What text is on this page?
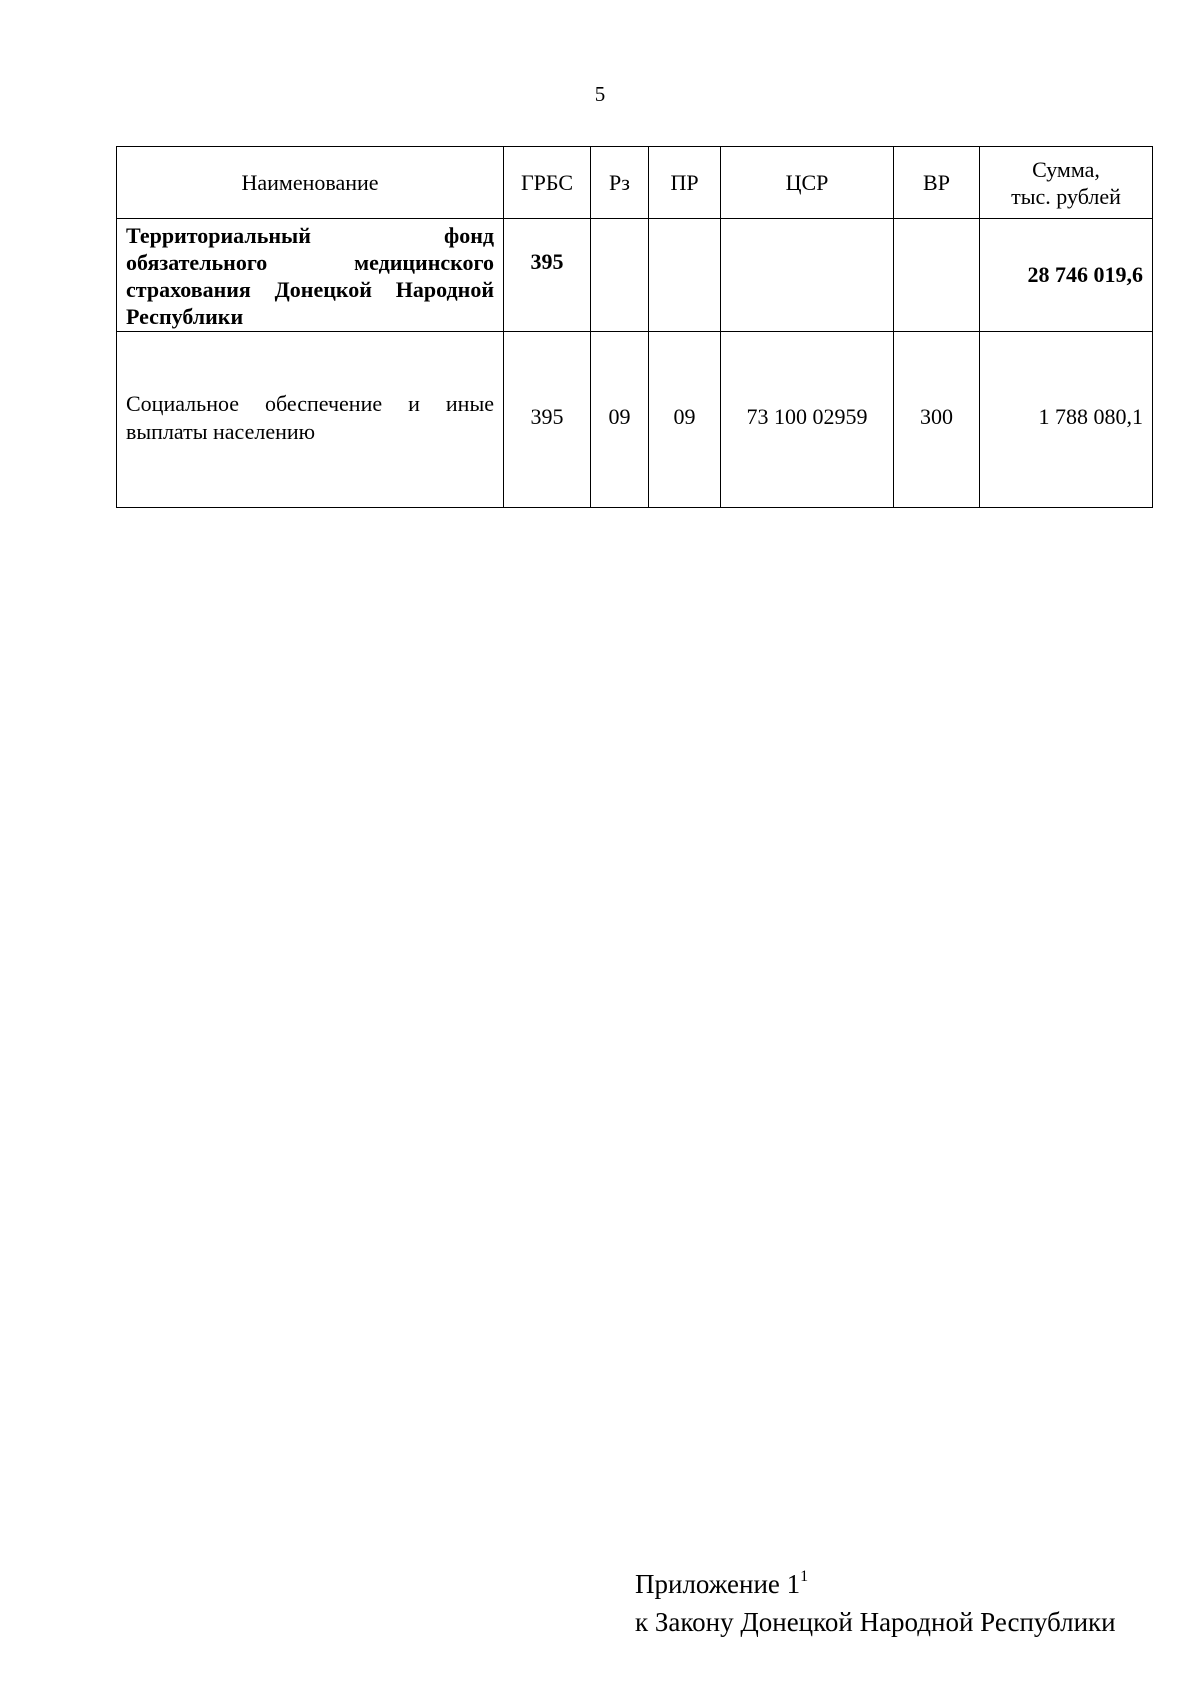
5
Наименование	ГРБС	Рз	ПР	ЦСР	ВР	Сумма,
тыс. рублей
Территориальный фонд обязательного медицинского страхования Донецкой Народной Республики	395					28 746 019,6
Социальное обеспечение и иные выплаты населению	395	09	09	73 100 02959	300	1 788 080,1
Приложение $1^1$
к Закону Донецкой Народной Республики
